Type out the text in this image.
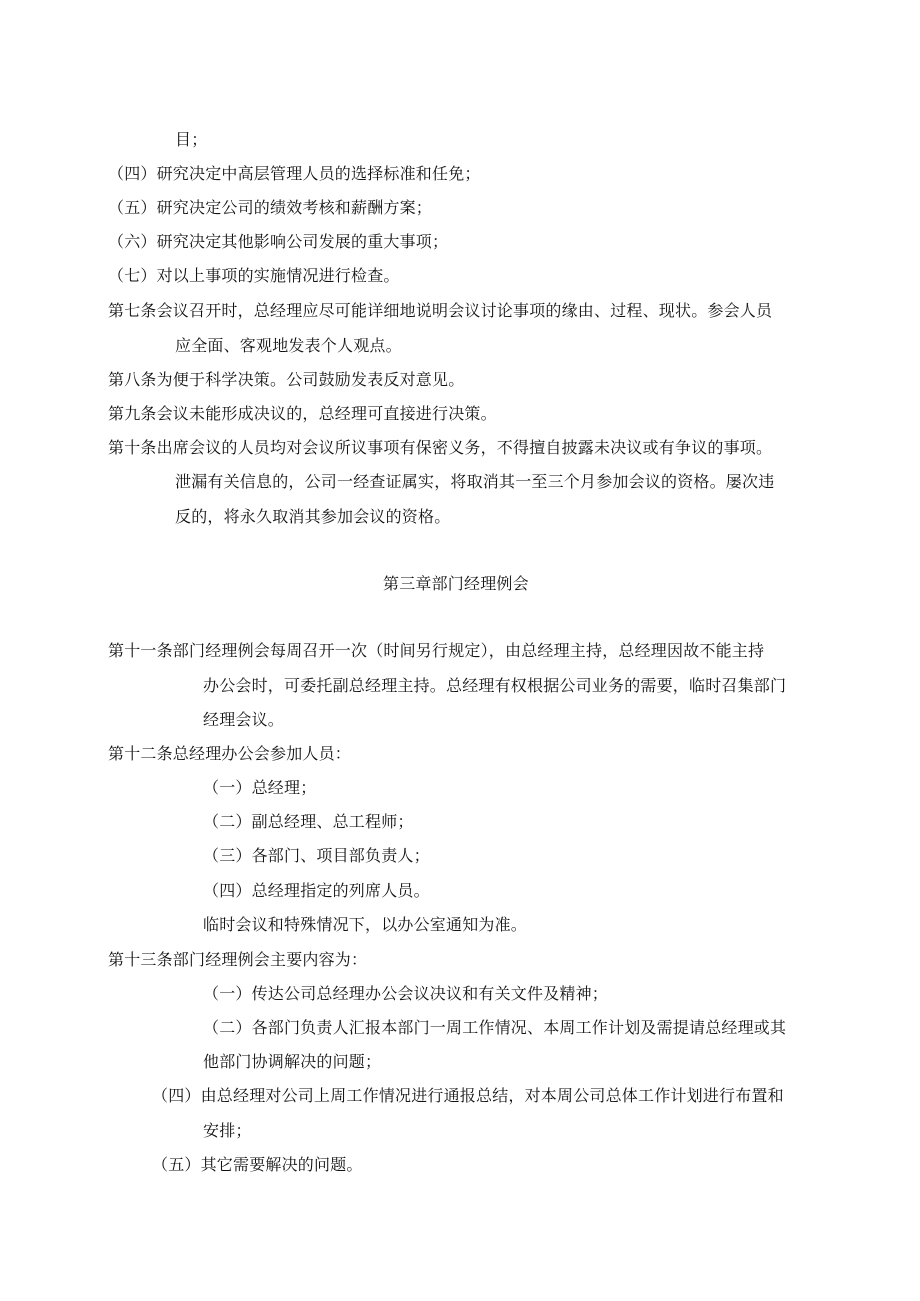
目；

（四）研究决定中高层管理人员的选择标准和任免；

（五）研究决定公司的绩效考核和薪酬方案；

（六）研究决定其他影响公司发展的重大事项；

（七）对以上事项的实施情况进行检查。

第七条会议召开时，总经理应尽可能详细地说明会议讨论事项的缘由、过程、现状。参会人员

应全面、客观地发表个人观点。

第八条为便于科学决策。公司鼓励发表反对意见。

第九条会议未能形成决议的，总经理可直接进行决策。

第十条出席会议的人员均对会议所议事项有保密义务，不得擅自披露未决议或有争议的事项。

泄漏有关信息的，公司一经查证属实，将取消其一至三个月参加会议的资格。屡次违

反的，将永久取消其参加会议的资格。

第三章部门经理例会

第十一条部门经理例会每周召开一次（时间另行规定），由总经理主持，总经理因故不能主持

办公会时，可委托副总经理主持。总经理有权根据公司业务的需要，临时召集部门

经理会议。

第十二条总经理办公会参加人员：

（一）总经理；

（二）副总经理、总工程师；

（三）各部门、项目部负责人；

（四）总经理指定的列席人员。

临时会议和特殊情况下，以办公室通知为准。

第十三条部门经理例会主要内容为：

（一）传达公司总经理办公会议决议和有关文件及精神；

（二）各部门负责人汇报本部门一周工作情况、本周工作计划及需提请总经理或其

他部门协调解决的问题；

（四）由总经理对公司上周工作情况进行通报总结，对本周公司总体工作计划进行布置和

安排；

（五）其它需要解决的问题。
